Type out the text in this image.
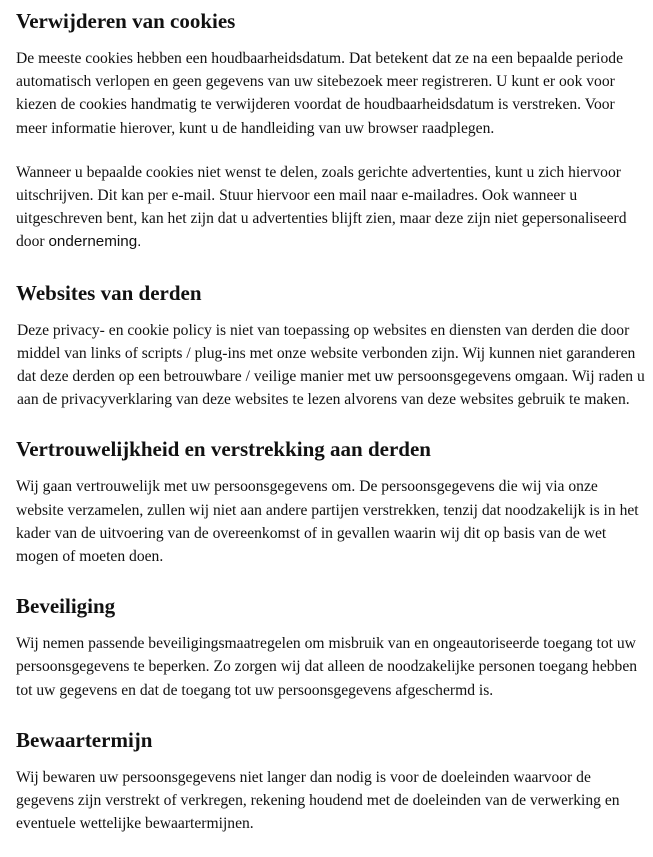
Verwijderen van cookies

De meeste cookies hebben een houdbaarheidsdatum. Dat betekent dat ze na een bepaalde periode automatisch verlopen en geen gegevens van uw sitebezoek meer registreren. U kunt er ook voor kiezen de cookies handmatig te verwijderen voordat de houdbaarheidsdatum is verstreken. Voor meer informatie hierover, kunt u de handleiding van uw browser raadplegen.

Wanneer u bepaalde cookies niet wenst te delen, zoals gerichte advertenties, kunt u zich hiervoor uitschrijven. Dit kan per e-mail. Stuur hiervoor een mail naar e-mailadres. Ook wanneer u uitgeschreven bent, kan het zijn dat u advertenties blijft zien, maar deze zijn niet gepersonaliseerd door onderneming.

Websites van derden

Deze privacy- en cookie policy is niet van toepassing op websites en diensten van derden die door middel van links of scripts / plug-ins met onze website verbonden zijn. Wij kunnen niet garanderen dat deze derden op een betrouwbare / veilige manier met uw persoonsgegevens omgaan. Wij raden u aan de privacyverklaring van deze websites te lezen alvorens van deze websites gebruik te maken.

Vertrouwelijkheid en verstrekking aan derden

Wij gaan vertrouwelijk met uw persoonsgegevens om. De persoonsgegevens die wij via onze website verzamelen, zullen wij niet aan andere partijen verstrekken, tenzij dat noodzakelijk is in het kader van de uitvoering van de overeenkomst of in gevallen waarin wij dit op basis van de wet mogen of moeten doen.

Beveiliging

Wij nemen passende beveiligingsmaatregelen om misbruik van en ongeautoriseerde toegang tot uw persoonsgegevens te beperken. Zo zorgen wij dat alleen de noodzakelijke personen toegang hebben tot uw gegevens en dat de toegang tot uw persoonsgegevens afgeschermd is.

Bewaartermijn

Wij bewaren uw persoonsgegevens niet langer dan nodig is voor de doeleinden waarvoor de gegevens zijn verstrekt of verkregen, rekening houdend met de doeleinden van de verwerking en eventuele wettelijke bewaartermijnen.
